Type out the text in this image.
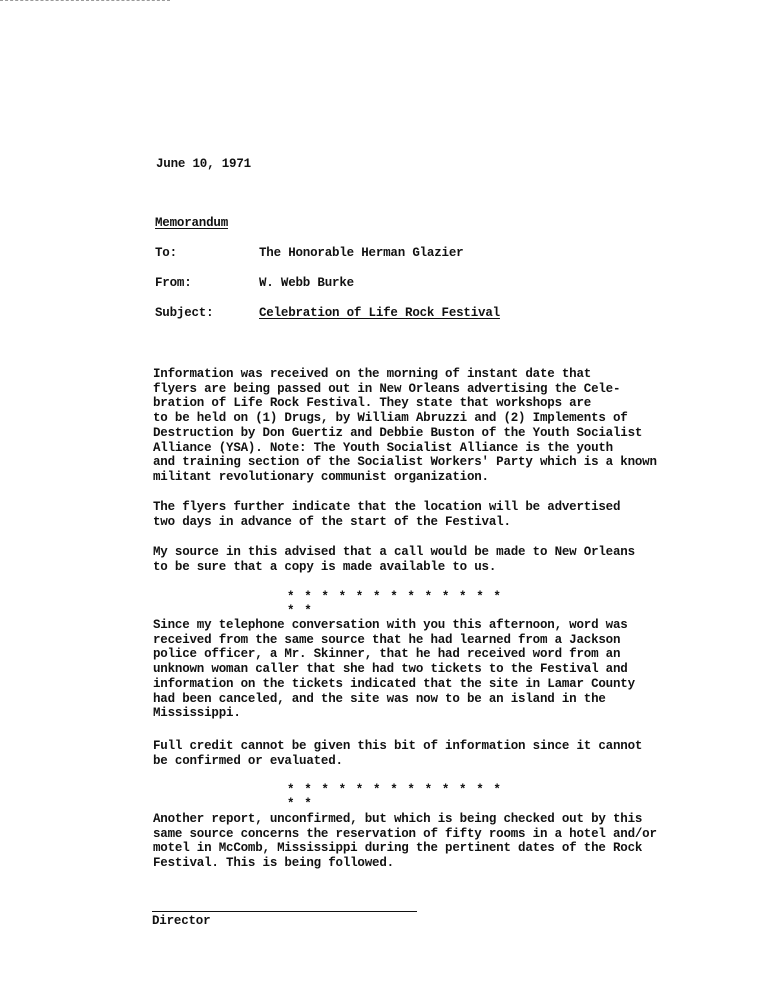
June 10, 1971
Memorandum
To:	The Honorable Herman Glazier
From:	W. Webb Burke
Subject:	Celebration of Life Rock Festival
Information was received on the morning of instant date that
flyers are being passed out in New Orleans advertising the Cele-
bration of Life Rock Festival. They state that workshops are
to be held on (1) Drugs, by William Abruzzi and (2) Implements of
Destruction by Don Guertiz and Debbie Buston of the Youth Socialist
Alliance (YSA). Note: The Youth Socialist Alliance is the youth
and training section of the Socialist Workers' Party which is a known
militant revolutionary communist organization.
The flyers further indicate that the location will be advertised
two days in advance of the start of the Festival.
My source in this advised that a call would be made to New Orleans
to be sure that a copy is made available to us.
* * * * * * * * * * * * * * *
Since my telephone conversation with you this afternoon, word was
received from the same source that he had learned from a Jackson
police officer, a Mr. Skinner, that he had received word from an
unknown woman caller that she had two tickets to the Festival and
information on the tickets indicated that the site in Lamar County
had been canceled, and the site was now to be an island in the
Mississippi.
Full credit cannot be given this bit of information since it cannot
be confirmed or evaluated.
* * * * * * * * * * * * * * *
Another report, unconfirmed, but which is being checked out by this
same source concerns the reservation of fifty rooms in a hotel and/or
motel in McComb, Mississippi during the pertinent dates of the Rock
Festival. This is being followed.
Director
